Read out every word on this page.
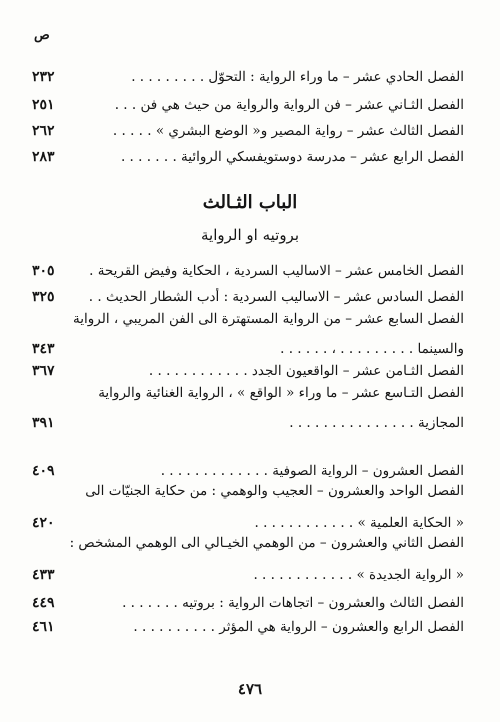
ص
الفصل الحادي عشر – ما وراء الرواية : التحوّل . . . . . . . . .
٢٣٢
الفصل الثـاني عشر – فن الرواية والرواية من حيث هي فن . . .
٢٥١
الفصل الثالث عشر – رواية المصير و« الوضع البشري » . . . . .
٢٦٢
الفصل الرابع عشر – مدرسة دوستويفسكي الروائية . . . . . . .
٢٨٣
الباب الثـالث
بروتيه او الرواية
الفصل الخامس عشر – الاساليب السردية ، الحكاية وفيض القريحة .
٣٠٥
الفصل السادس عشر – الاساليب السردية : أدب الشطار الحديث . .
٣٢٥
الفصل السابع عشر – من الرواية المستهترة الى الفن المريبي ، الرواية
والسينما . . . . . . . . . ، . . . . . .
٣٤٣
الفصل الثـامن عشر – الواقعيون الجدد . . . . . . . . . . . .
٣٦٧
الفصل التـاسع عشر – ما وراء « الواقع » ، الرواية الغنائية والرواية
المجازية . . . . . . . . . . . . . . .
٣٩١
الفصل العشرون – الرواية الصوفية . . . . . . . . . . . . .
٤٠٩
الفصل الواحد والعشرون – العجيب والوهمي : من حكاية الجنيّات الى
« الحكاية العلمية » . . . . . . . . . . . .
٤٢٠
الفصل الثاني والعشرون – من الوهمي الخيـالي الى الوهمي المشخص :
« الرواية الجديدة » . . . . . . . . . . . .
٤٣٣
الفصل الثالث والعشرون – اتجاهات الرواية : بروتيه . . . . . . .
٤٤٩
الفصل الرابع والعشرون – الرواية هي المؤثر . . . . . . . . . .
٤٦١
٤٧٦
